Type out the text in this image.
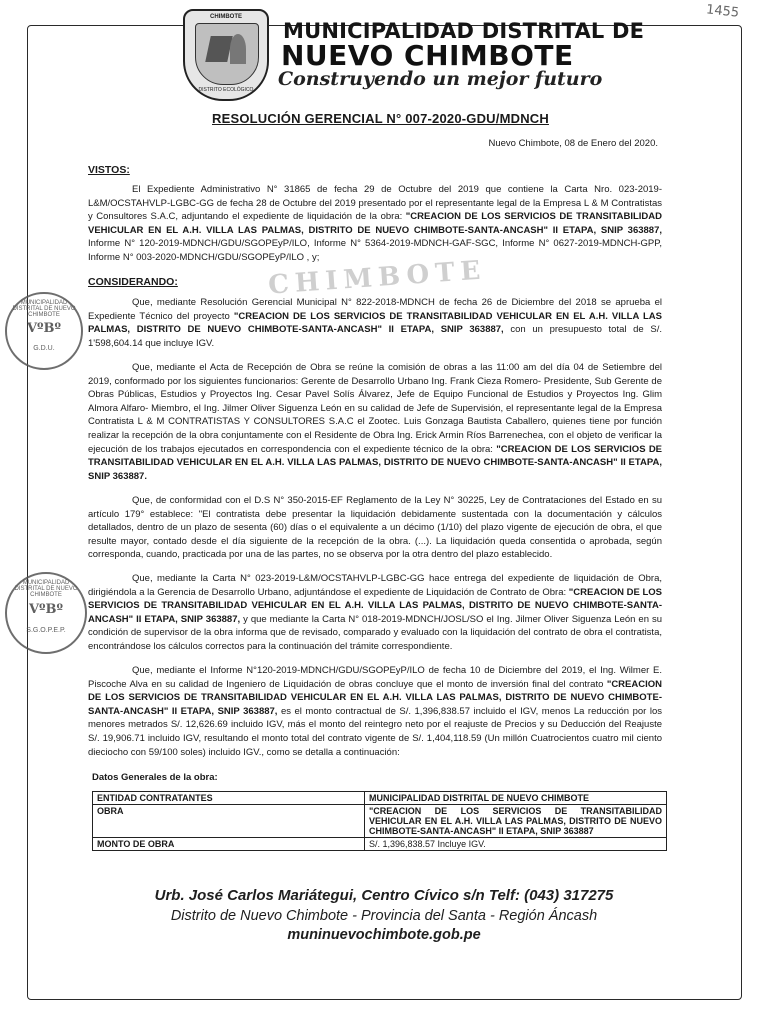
1455
CHIMBOTE
DISTRITO ECOLÓGICO
MUNICIPALIDAD DISTRITAL DE
NUEVO CHIMBOTE
Construyendo un mejor futuro
RESOLUCIÓN GERENCIAL N° 007-2020-GDU/MDNCH
Nuevo Chimbote, 08 de Enero del 2020.
CHIMBOTE
VISTOS:
El Expediente Administrativo N° 31865 de fecha 29 de Octubre del 2019 que contiene la Carta Nro. 023-2019-L&M/OCSTAHVLP-LGBC-GG de fecha 28 de Octubre del 2019 presentado por el representante legal de la Empresa L & M Contratistas y Consultores S.A.C, adjuntando el expediente de liquidación de la obra: "CREACION DE LOS SERVICIOS DE TRANSITABILIDAD VEHICULAR EN EL A.H. VILLA LAS PALMAS, DISTRITO DE NUEVO CHIMBOTE-SANTA-ANCASH" II ETAPA, SNIP 363887, Informe N° 120-2019-MDNCH/GDU/SGOPEyP/ILO, Informe N° 5364-2019-MDNCH-GAF-SGC, Informe N° 0627-2019-MDNCH-GPP, Informe N° 003-2020-MDNCH/GDU/SGOPEyP/ILO , y;
CONSIDERANDO:
Que, mediante Resolución Gerencial Municipal N° 822-2018-MDNCH de fecha 26 de Diciembre del 2018 se aprueba el Expediente Técnico del proyecto "CREACION DE LOS SERVICIOS DE TRANSITABILIDAD VEHICULAR EN EL A.H. VILLA LAS PALMAS, DISTRITO DE NUEVO CHIMBOTE-SANTA-ANCASH" II ETAPA, SNIP 363887, con un presupuesto total de S/. 1'598,604.14 que incluye IGV.
Que, mediante el Acta de Recepción de Obra se reúne la comisión de obras a las 11:00 am del día 04 de Setiembre del 2019, conformado por los siguientes funcionarios: Gerente de Desarrollo Urbano Ing. Frank Cieza Romero- Presidente, Sub Gerente de Obras Públicas, Estudios y Proyectos Ing. Cesar Pavel Solís Álvarez, Jefe de Equipo Funcional de Estudios y Proyectos Ing. Glim Almora Alfaro- Miembro, el Ing. Jilmer Oliver Siguenza León en su calidad de Jefe de Supervisión, el representante legal de la Empresa Contratista L & M CONTRATISTAS Y CONSULTORES S.A.C el Zootec. Luis Gonzaga Bautista Caballero, quienes tiene por función realizar la recepción de la obra conjuntamente con el Residente de Obra Ing. Erick Armin Ríos Barrenechea, con el objeto de verificar la ejecución de los trabajos ejecutados en correspondencia con el expediente técnico de la obra: "CREACION DE LOS SERVICIOS DE TRANSITABILIDAD VEHICULAR EN EL A.H. VILLA LAS PALMAS, DISTRITO DE NUEVO CHIMBOTE-SANTA-ANCASH" II ETAPA, SNIP 363887.
Que, de conformidad con el D.S N° 350-2015-EF Reglamento de la Ley N° 30225, Ley de Contrataciones del Estado en su artículo 179° establece: "El contratista debe presentar la liquidación debidamente sustentada con la documentación y cálculos detallados, dentro de un plazo de sesenta (60) días o el equivalente a un décimo (1/10) del plazo vigente de ejecución de obra, el que resulte mayor, contado desde el día siguiente de la recepción de la obra. (...). La liquidación queda consentida o aprobada, según corresponda, cuando, practicada por una de las partes, no se observa por la otra dentro del plazo establecido.
Que, mediante la Carta N° 023-2019-L&M/OCSTAHVLP-LGBC-GG hace entrega del expediente de liquidación de Obra, dirigiéndola a la Gerencia de Desarrollo Urbano, adjuntándose el expediente de Liquidación de Contrato de Obra: "CREACION DE LOS SERVICIOS DE TRANSITABILIDAD VEHICULAR EN EL A.H. VILLA LAS PALMAS, DISTRITO DE NUEVO CHIMBOTE-SANTA-ANCASH" II ETAPA, SNIP 363887, y que mediante la Carta N° 018-2019-MDNCH/JOSL/SO el Ing. Jilmer Oliver Siguenza León en su condición de supervisor de la obra informa que de revisado, comparado y evaluado con la liquidación del contrato de obra el contratista, encontrándose los cálculos correctos para la continuación del trámite correspondiente.
Que, mediante el Informe N°120-2019-MDNCH/GDU/SGOPEyP/ILO de fecha 10 de Diciembre del 2019, el Ing. Wilmer E. Piscoche Alva en su calidad de Ingeniero de Liquidación de obras concluye que el monto de inversión final del contrato "CREACION DE LOS SERVICIOS DE TRANSITABILIDAD VEHICULAR EN EL A.H. VILLA LAS PALMAS, DISTRITO DE NUEVO CHIMBOTE-SANTA-ANCASH" II ETAPA, SNIP 363887, es el monto contractual de S/. 1,396,838.57 incluido el IGV, menos La reducción por los menores metrados S/. 12,626.69 incluido IGV, más el monto del reintegro neto por el reajuste de Precios y su Deducción del Reajuste S/. 19,906.71 incluido IGV, resultando el monto total del contrato vigente de S/. 1,404,118.59 (Un millón Cuatrocientos cuatro mil ciento dieciocho con 59/100 soles) incluido IGV., como se detalla a continuación:
MUNICIPALIDAD DISTRITAL DE NUEVO CHIMBOTE
VºBº
G.D.U.
MUNICIPALIDAD DISTRITAL DE NUEVO CHIMBOTE
VºBº
S.G.O.P.E.P.
Datos Generales de la obra:
ENTIDAD CONTRATANTES	MUNICIPALIDAD DISTRITAL DE NUEVO CHIMBOTE
OBRA	"CREACION DE LOS SERVICIOS DE TRANSITABILIDAD VEHICULAR EN EL A.H. VILLA LAS PALMAS, DISTRITO DE NUEVO CHIMBOTE-SANTA-ANCASH" II ETAPA, SNIP 363887
MONTO DE OBRA	S/. 1,396,838.57 Incluye IGV.
Urb. José Carlos Mariátegui, Centro Cívico s/n Telf: (043) 317275
Distrito de Nuevo Chimbote - Provincia del Santa - Región Áncash
muninuevochimbote.gob.pe
